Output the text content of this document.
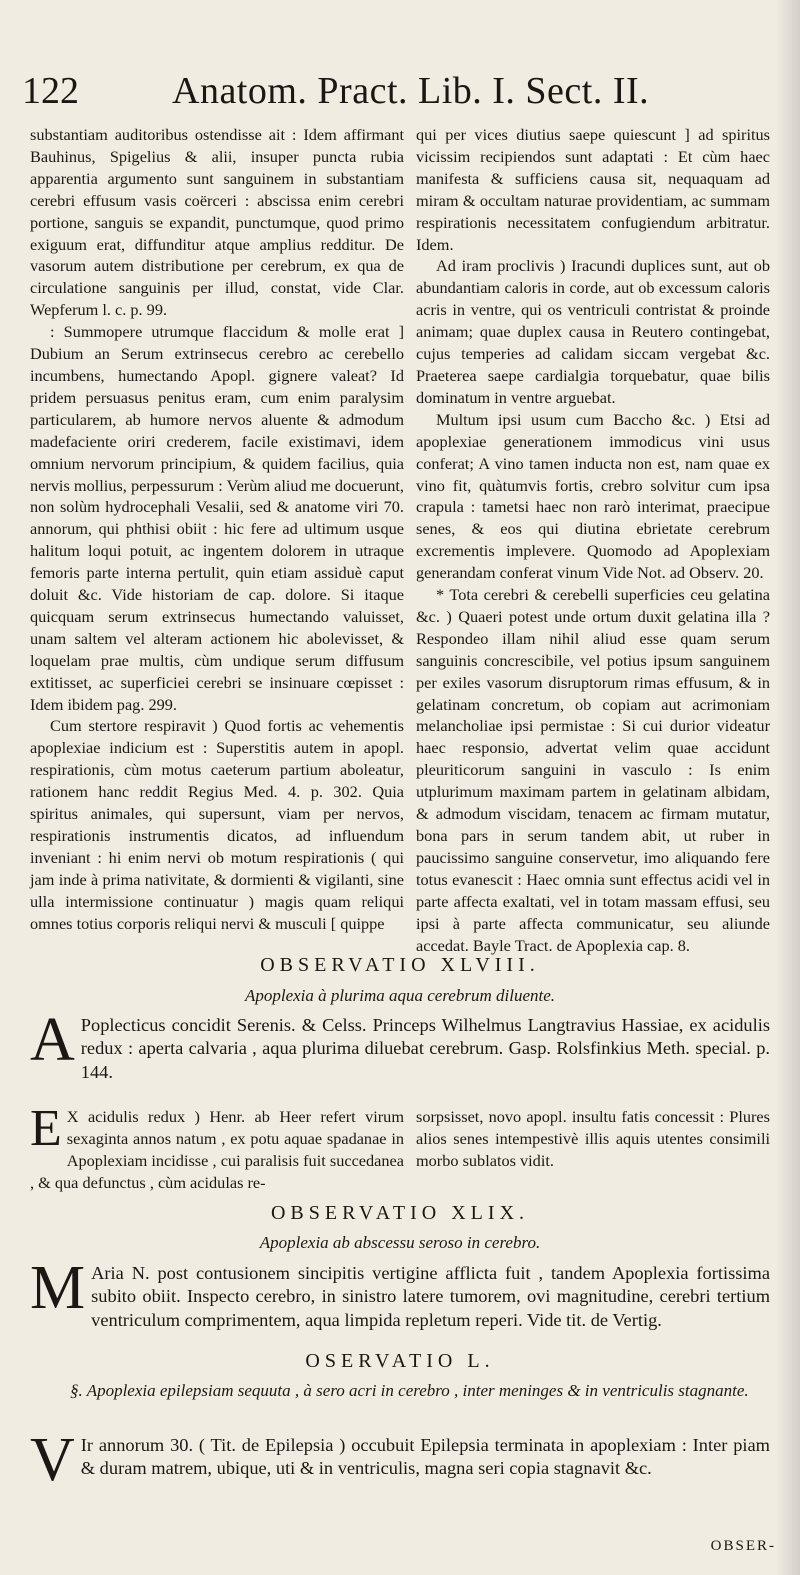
122 Anatom. Pract. Lib. I. Sect. II.

substantiam auditoribus ostendisse ait : Idem affirmant Bauhinus, Spigelius & alii, insuper puncta rubia apparentia argumento sunt sanguinem in substantiam cerebri effusum vasis coërceri : abscissa enim cerebri portione, sanguis se expandit, punctumque, quod primo exiguum erat, diffunditur atque amplius redditur. De vasorum autem distributione per cerebrum, ex qua de circulatione sanguinis per illud, constat, vide Clar. Wepferum l. c. p. 99.

: Summopere utrumque flaccidum & molle erat ] Dubium an Serum extrinsecus cerebro ac cerebello incumbens, humectando Apopl. gignere valeat? Id pridem persuasus penitus eram, cum enim paralysim particularem, ab humore nervos aluente & admodum madefaciente oriri crederem, facile existimavi, idem omnium nervorum principium, & quidem facilius, quia nervis mollius, perpessurum : Verùm aliud me docuerunt, non solùm hydrocephali Vesalii, sed & anatome viri 70. annorum, qui phthisi obiit : hic fere ad ultimum usque halitum loqui potuit, ac ingentem dolorem in utraque femoris parte interna pertulit, quin etiam assiduè caput doluit &c. Vide historiam de cap. dolore. Si itaque quicquam serum extrinsecus humectando valuisset, unam saltem vel alteram actionem hic abolevisset, & loquelam prae multis, cùm undique serum diffusum extitisset, ac superficiei cerebri se insinuare cœpisset : Idem ibidem pag. 299.

Cum stertore respiravit ) Quod fortis ac vehementis apoplexiae indicium est : Superstitis autem in apopl. respirationis, cùm motus caeterum partium aboleatur, rationem hanc reddit Regius Med. 4. p. 302. Quia spiritus animales, qui supersunt, viam per nervos, respirationis instrumentis dicatos, ad influendum inveniant : hi enim nervi ob motum respirationis ( qui jam inde à prima nativitate, & dormienti & vigilanti, sine ulla intermissione continuatur ) magis quam reliqui omnes totius corporis reliqui nervi & musculi [ quippe

qui per vices diutius saepe quiescunt ] ad spiritus vicissim recipiendos sunt adaptati : Et cùm haec manifesta & sufficiens causa sit, nequaquam ad miram & occultam naturae providentiam, ac summam respirationis necessitatem confugiendum arbitratur. Idem.

Ad iram proclivis ) Iracundi duplices sunt, aut ob abundantiam caloris in corde, aut ob excessum caloris acris in ventre, qui os ventriculi contristat & proinde animam; quae duplex causa in Reutero contingebat, cujus temperies ad calidam siccam vergebat &c. Praeterea saepe cardialgia torquebatur, quae bilis dominatum in ventre arguebat.

Multum ipsi usum cum Baccho &c. ) Etsi ad apoplexiae generationem immodicus vini usus conferat; A vino tamen inducta non est, nam quae ex vino fit, quàtumvis fortis, crebro solvitur cum ipsa crapula : tametsi haec non rarò interimat, praecipue senes, & eos qui diutina ebrietate cerebrum excrementis implevere. Quomodo ad Apoplexiam generandam conferat vinum Vide Not. ad Observ. 20.

* Tota cerebri & cerebelli superficies ceu gelatina &c. ) Quaeri potest unde ortum duxit gelatina illa ? Respondeo illam nihil aliud esse quam serum sanguinis concrescibile, vel potius ipsum sanguinem per exiles vasorum disruptorum rimas effusum, & in gelatinam concretum, ob copiam aut acrimoniam melancholiae ipsi permistae : Si cui durior videatur haec responsio, advertat velim quae accidunt pleuriticorum sanguini in vasculo : Is enim utplurimum maximam partem in gelatinam albidam, & admodum viscidam, tenacem ac firmam mutatur, bona pars in serum tandem abit, ut ruber in paucissimo sanguine conservetur, imo aliquando fere totus evanescit : Haec omnia sunt effectus acidi vel in parte affecta exaltati, vel in totam massam effusi, seu ipsi à parte affecta communicatur, seu aliunde accedat. Bayle Tract. de Apoplexia cap. 8.

OBSERVATIO XLVIII.
Apoplexia à plurima aqua cerebrum diluente.
A Poplecticus concidit Serenis. & Celss. Princeps Wilhelmus Langtravius Hassiae, ex acidulis redux : aperta calvaria , aqua plurima diluebat cerebrum. Gasp. Rolsfinkius Meth. special. p. 144.
E X acidulis redux ) Henr. ab Heer refert virum sexaginta annos natum , ex potu aquae spadanae in Apoplexiam incidisse , cui paralisis fuit succedanea , & qua defunctus , cùm acidulas re-
sorpsisset, novo apopl. insultu fatis concessit : Plures alios senes intempestivè illis aquis utentes consimili morbo sublatos vidit.
OBSERVATIO XLIX.
Apoplexia ab abscessu seroso in cerebro.
M Aria N. post contusionem sincipitis vertigine afflicta fuit , tandem Apoplexia fortissima subito obiit. Inspecto cerebro, in sinistro latere tumorem, ovi magnitudine, cerebri tertium ventriculum comprimentem, aqua limpida repletum reperi. Vide tit. de Vertig.
OSERVATIO L.
§. Apoplexia epilepsiam sequuta , à sero acri in cerebro , inter meninges & in ventriculis stagnante.
V Ir annorum 30. ( Tit. de Epilepsia ) occubuit Epilepsia terminata in apoplexiam : Inter piam & duram matrem, ubique, uti & in ventriculis, magna seri copia stagnavit &c.
OBSER-
